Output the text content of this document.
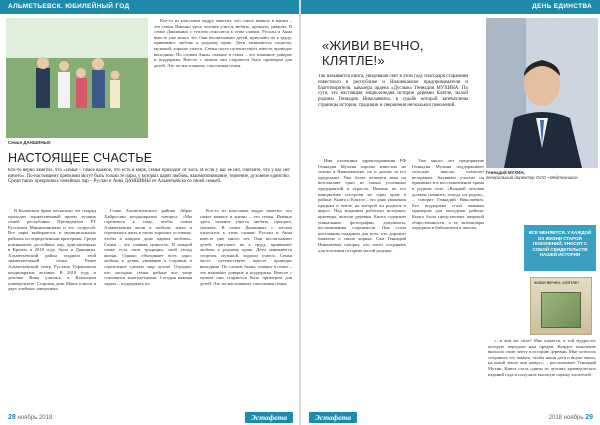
АЛЬМЕТЬЕВСК. ЮБИЛЕЙНЫЙ ГОД
Семья ДАНШИНЫХ
НАСТОЯЩЕЕ СЧАСТЬЕ
Кто-то верно заметил, что «семья – самое важное, что есть в мире, семья приходит от Бога. И если у вас ее нет, считайте, что у вас нет ничего». По-настоящему крепкими могут быть только те пары, у которых царят любовь, взаимопонимание, терпение, духовное единство. Среди таких прекрасных семейных пар – Руслан и Анна ДАНШИНЫ из Альметьевска со своей семьей.

В Казанском браке несколько лет подряд проходит торжественный прием лучших семей республики Президентом РТ Рустамом Миннихановым и его супругой. Все пары выбираются в муниципальных районах по определенным критериям. Среди номинантов достойных пар, приглашенных в Кремль в 2018 году, была и Даншины. Альметьевский район подарил этой знаменательной семье. Ранее Альметьевский театр Руслана Туфановича неоднократно вставал. В 2018 году и девочка Вика учились в Казанском университете. Старшая дочь Маша учится в двух учебных заведениях.

Глава Альметьевского района Айрат Хайруллин неоднократно говорил: «Мы стремимся к тому, чтобы семьи Альметьевска жили и любили, жили и стремились жить в таких хороших условиях, чтобы в каждом доме царила любовь». Семья – это главная ценность. В каждой семье есть свои традиции, свой уклад жизни. Однако объединяет всех одно: любовь к детям, уважение к старшим и стремление сделать мир лучше. Отрадно, что молодые семьи района все чаще становятся многодетными. Сегодня важная задача – поддержать их.

Кто-то из классиков мудро заметил, что самое важное в жизни – это семья. Именно здесь человек учится любить, прощать, уважать. В семье Даншиных с теплом относятся к этим словам. Руслан и Анна вместе уже много лет. Они воспитывают детей, приучают их к труду, прививают любовь к родному краю. Дети занимаются спортом, музыкой, хорошо учатся. Семья часто путешествует, вместе проводит выходные. По словам Анны, главное в семье – это взаимное доверие и поддержка. Вместе с мужем они стараются быть примером для детей. Это по-настоящему счастливая семья.

Кто-то из классиков мудро заметил, что самое важное в жизни – это семья. Именно здесь человек учится любить, прощать, уважать. В семье Даншиных с теплом относятся к этим словам. Руслан и Анна вместе уже много лет. Они воспитывают детей, приучают их к труду, прививают любовь к родному краю. Дети занимаются спортом, музыкой, хорошо учатся. Семья часто путешествует, вместе проводит выходные. По словам Анны, главное в семье – это взаимное доверие и поддержка. Вместе с мужем они стараются быть примером для детей. Это по-настоящему счастливая семья.

28 ноябрь 2018	Эстафета
ДЕНЬ ЕДИНСТВА
«ЖИВИ ВЕЧНО,
КЛЯТЛЕ!»
Так называется книга, увидевшая свет в этом году благодаря стараниям известного в республике и Нижнекамске предпринимателя и благотворителя, кавалера ордена «Дуслык» Геннадия МУХИНА. По сути, это настоящая энциклопедия истории деревни Клятле, малой родины Геннадия Николаевича, в судьбе которой запечатлены страницы истории, традиции и свершения нескольких поколений.
Геннадий МУХИН,
генеральный директор ООО «Медтехника»

Имя отличника здравоохранения РФ Геннадия Мухина хорошо известно не только в Нижнекамске, но и далеко за его пределами. Уже более четверти века он возглавляет одно из самых успешных предприятий в отрасли. Именно по его инициативе построен не один храм в районе. Книга о Клятле – это дань уважения предкам и земле, на которой он родился и вырос. Над изданием работали историки, краеведы, жители деревни. Книга содержит уникальные фотографии, документы, воспоминания старожилов. Она стала настоящим подарком для всех, кто дорожит памятью о своих корнях. Сам Геннадий Николаевич говорит, что хотел сохранить для потомков историю малой родины.

Уже много лет предприятие Геннадия Мухина поддерживает сельские школы, помогает ветеранам. Активное участие он принимал и в восстановлении храма в родном селе. «Каждый человек должен помнить, откуда он родом», – говорит Геннадий Николаевич. Его поддержка стала важным примером для молодежи района. Книга была представлена широкой общественности, а ее экземпляры переданы в библиотеки и школы.

«...в чем же сила? Мне кажется, в той мудрости, которую передали нам предки. Каждое поколение вносило свою лепту в историю деревни. Мне хотелось сохранить эту память, чтобы наши дети и внуки знали, на какой земле они живут», – рассказывает Геннадий Мухин. Книга стала одним из лучших краеведческих изданий года и получила высокую оценку читателей.

ВСЕ МЕНЯЕТСЯ, У КАЖДОЙ ИЗ ЖИЗНИ СТАРОЙ ПОКОЛЕНИЙ, УНОСИТ С СОБОЙ СВИДЕТЕЛЬСТВ НАШЕЙ ИСТОРИИ
ЖИВИ ВЕЧНО, КЛЯТЛЕ!
Эстафета	2018 ноябрь 29
